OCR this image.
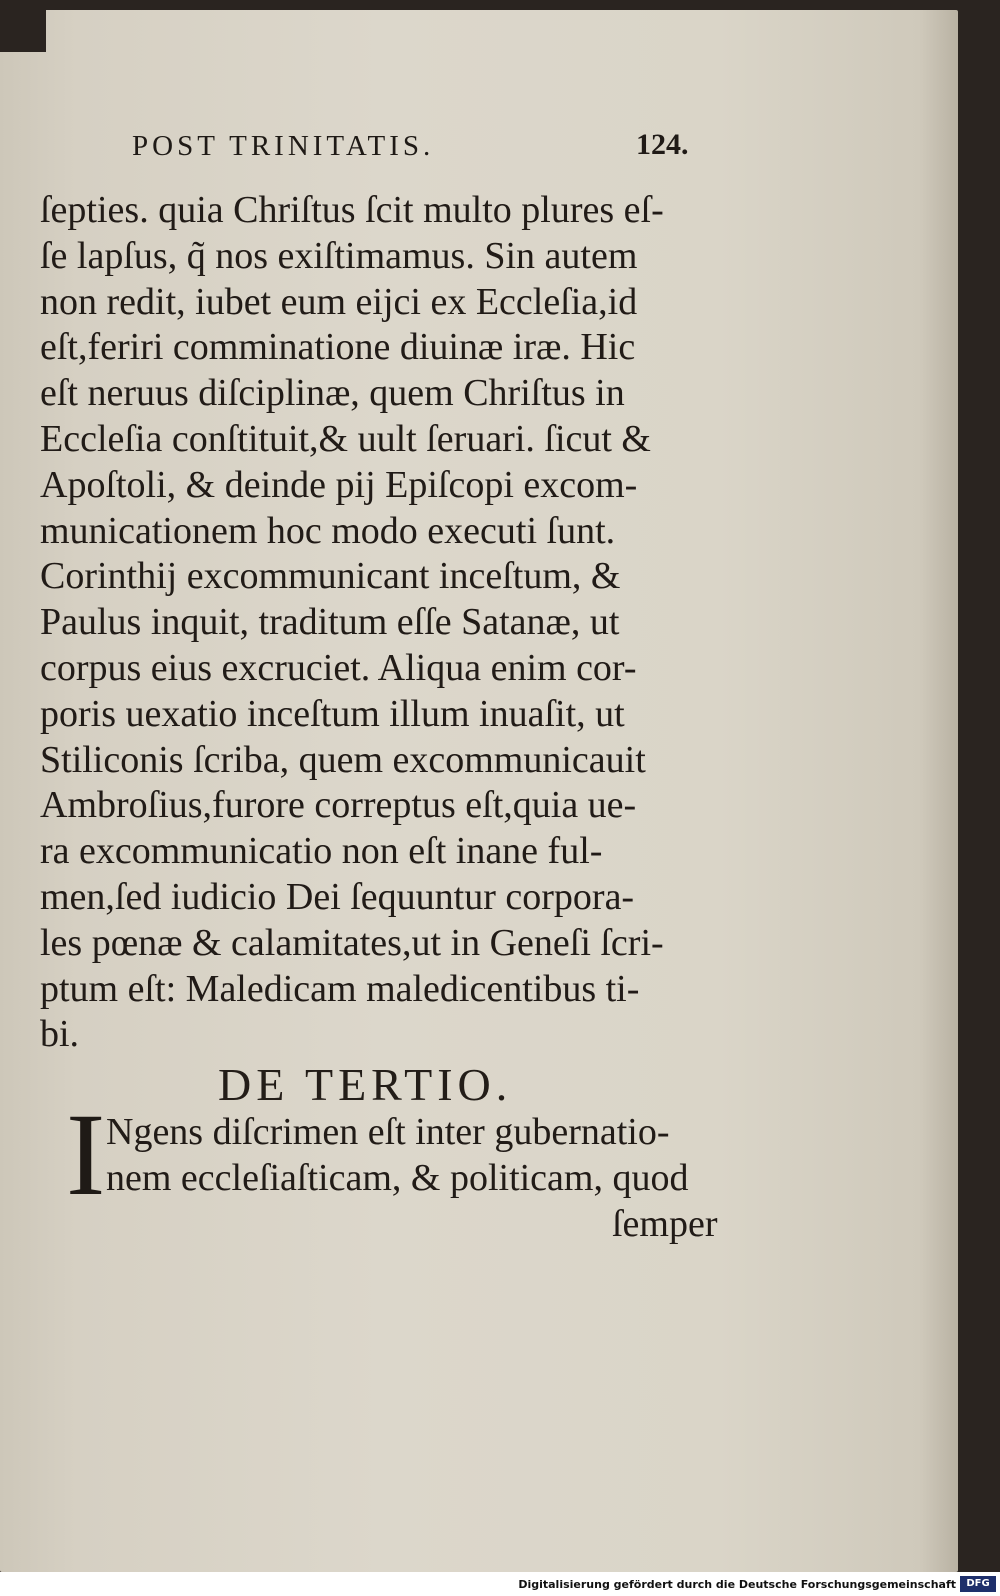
POST TRINITATIS.	124.
ſepties. quia Chriſtus ſcit multo plures eſ-
ſe lapſus, q̃ nos exiſtimamus. Sin autem
non redit, iubet eum eijci ex Eccleſia,id
eſt,feriri comminatione diuinæ iræ. Hic
eſt neruus diſciplinæ, quem Chriſtus in
Eccleſia conſtituit,& uult ſeruari. ſicut &
Apoſtoli, & deinde pij Epiſcopi excom-
municationem hoc modo executi ſunt.
Corinthij excommunicant inceſtum, &
Paulus inquit, traditum eſſe Satanæ, ut
corpus eius excruciet. Aliqua enim cor-
poris uexatio inceſtum illum inuaſit, ut
Stiliconis ſcriba, quem excommunicauit
Ambroſius,furore correptus eſt,quia ue-
ra excommunicatio non eſt inane ful-
men,ſed iudicio Dei ſequuntur corpora-
les pœnæ & calamitates,ut in Geneſi ſcri-
ptum eſt: Maledicam maledicentibus ti-
bi.
DE TERTIO.
I Ngens diſcrimen eſt inter gubernatio-
nem eccleſiaſticam, & politicam, quod
ſemper
Digitalisierung gefördert durch die Deutsche Forschungsgemeinschaft	DFG
